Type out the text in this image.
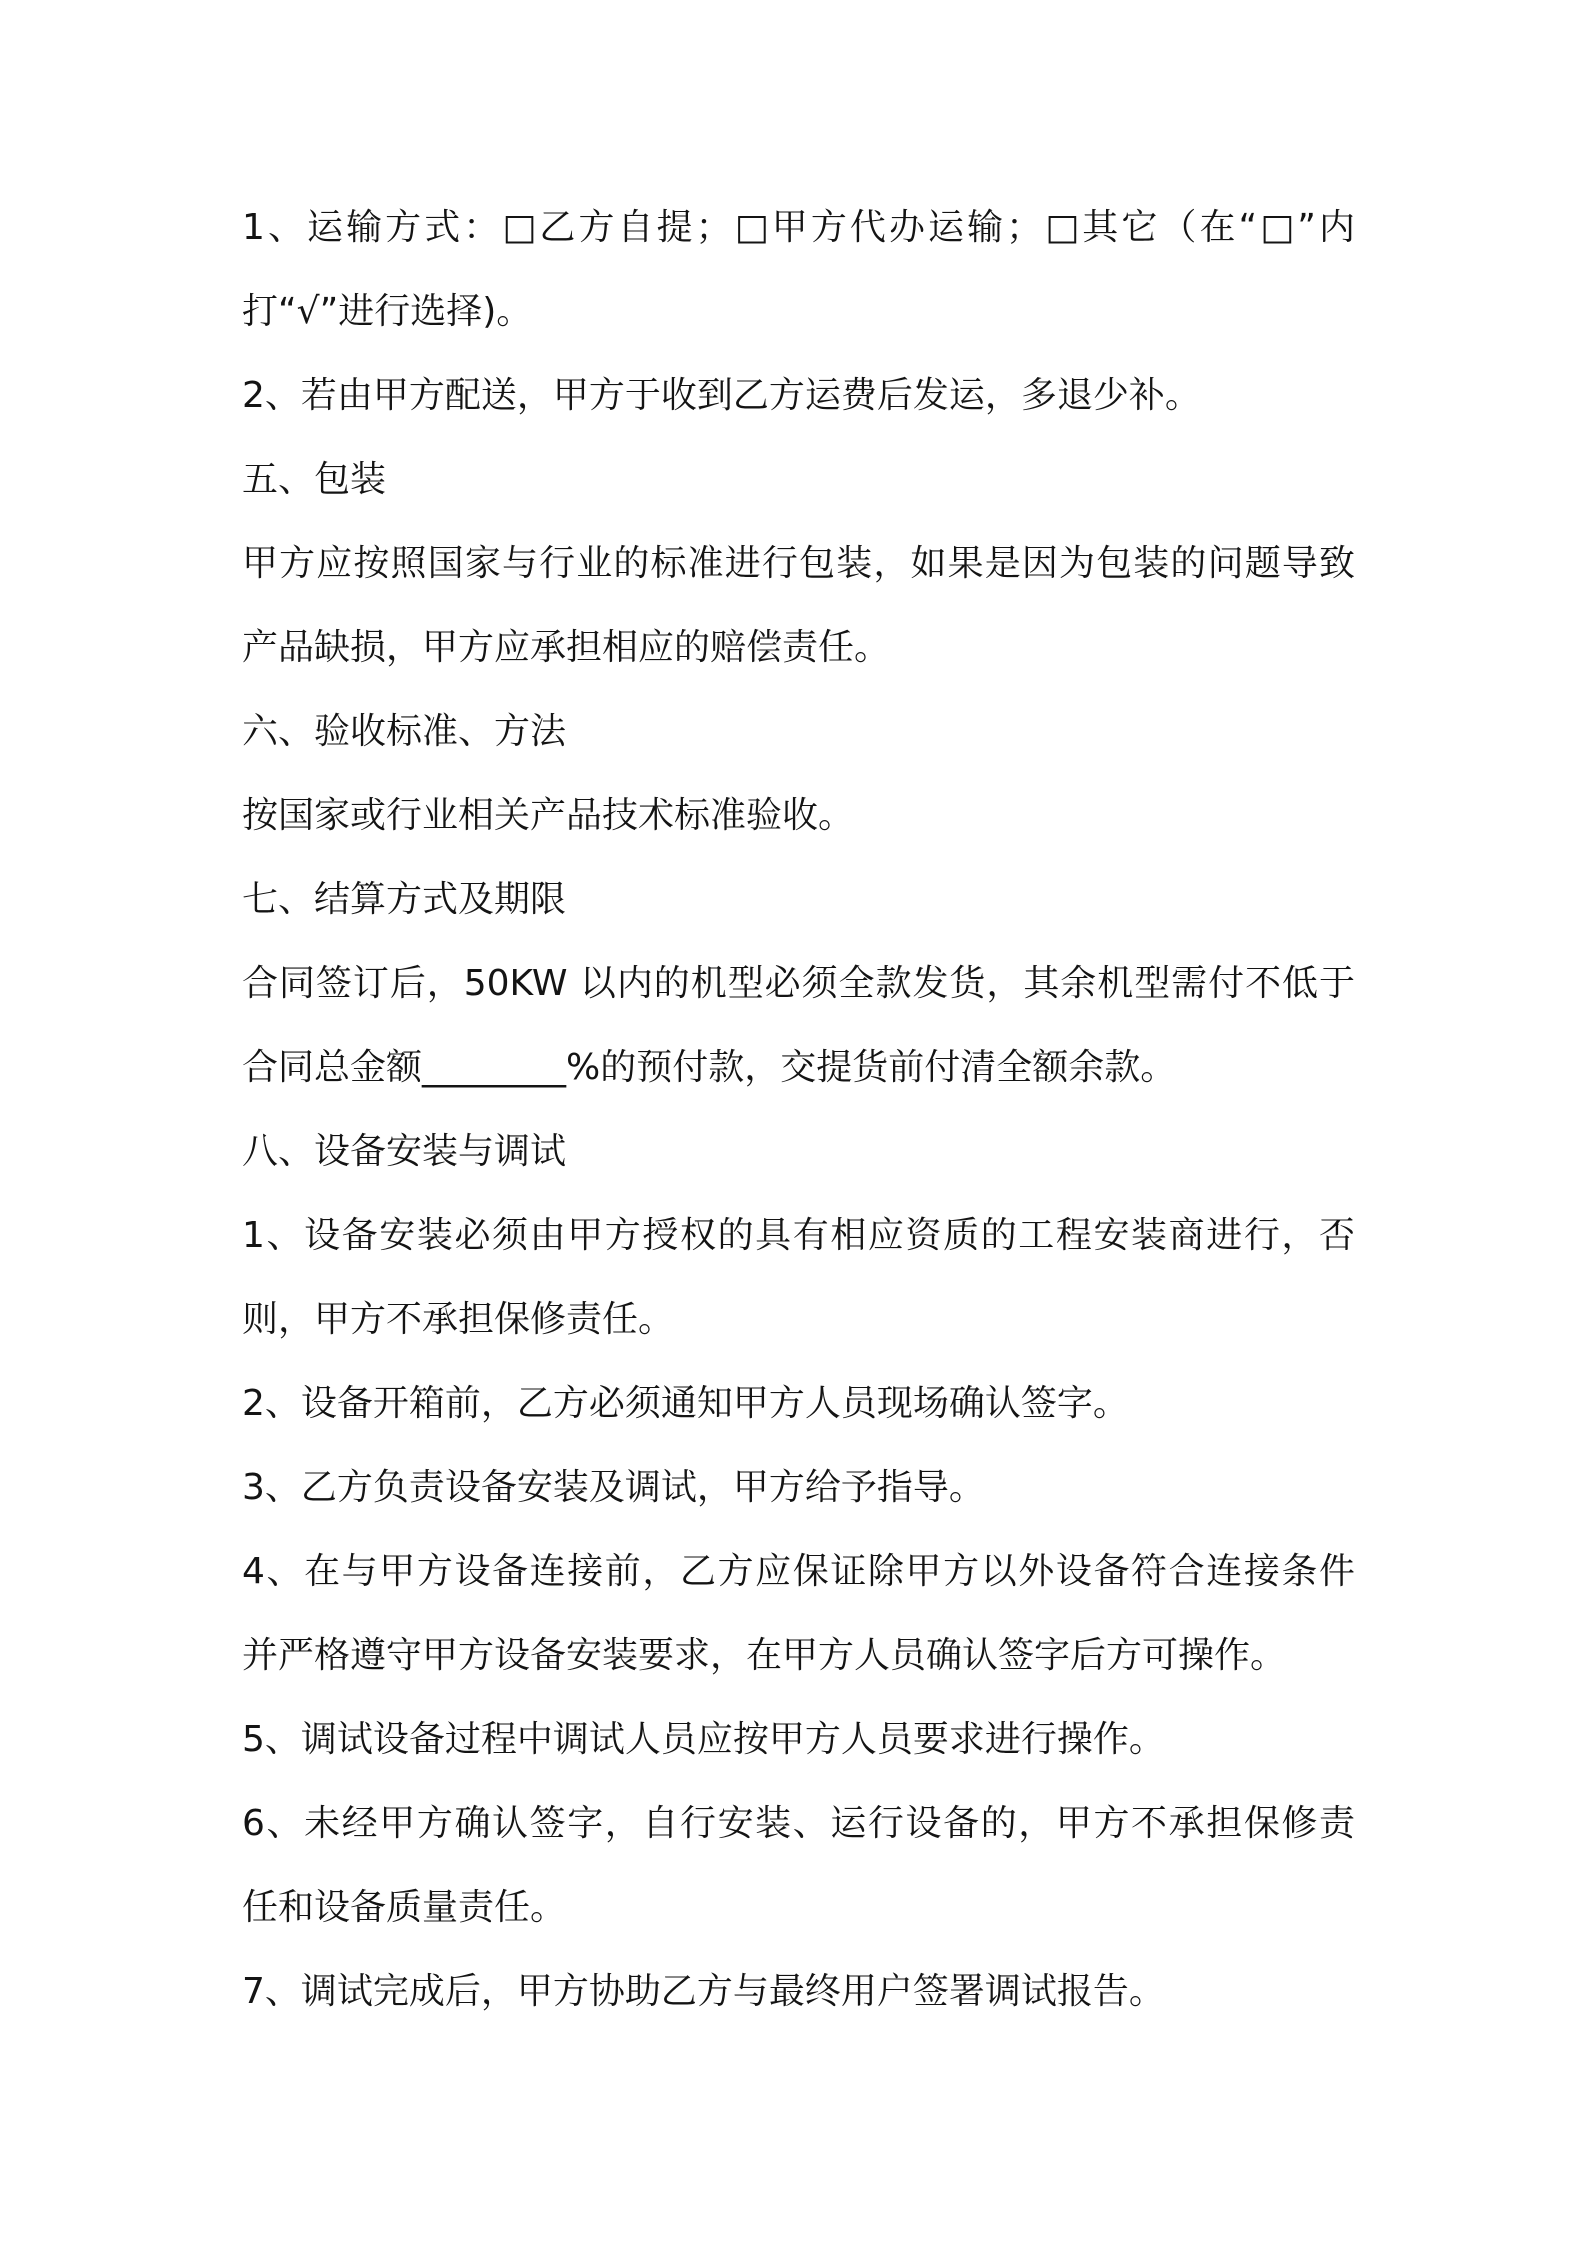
1、运输方式：□乙方自提；□甲方代办运输；□其它（在“□”内
打“√”进行选择)。
2、若由甲方配送，甲方于收到乙方运费后发运，多退少补。
五、包装
甲方应按照国家与行业的标准进行包装，如果是因为包装的问题导致
产品缺损，甲方应承担相应的赔偿责任。
六、验收标准、方法
按国家或行业相关产品技术标准验收。
七、结算方式及期限
合同签订后，50KW 以内的机型必须全款发货，其余机型需付不低于
合同总金额________%的预付款，交提货前付清全额余款。
八、设备安装与调试
1、设备安装必须由甲方授权的具有相应资质的工程安装商进行，否
则，甲方不承担保修责任。
2、设备开箱前，乙方必须通知甲方人员现场确认签字。
3、乙方负责设备安装及调试，甲方给予指导。
4、在与甲方设备连接前，乙方应保证除甲方以外设备符合连接条件
并严格遵守甲方设备安装要求，在甲方人员确认签字后方可操作。
5、调试设备过程中调试人员应按甲方人员要求进行操作。
6、未经甲方确认签字，自行安装、运行设备的，甲方不承担保修责
任和设备质量责任。
7、调试完成后，甲方协助乙方与最终用户签署调试报告。
